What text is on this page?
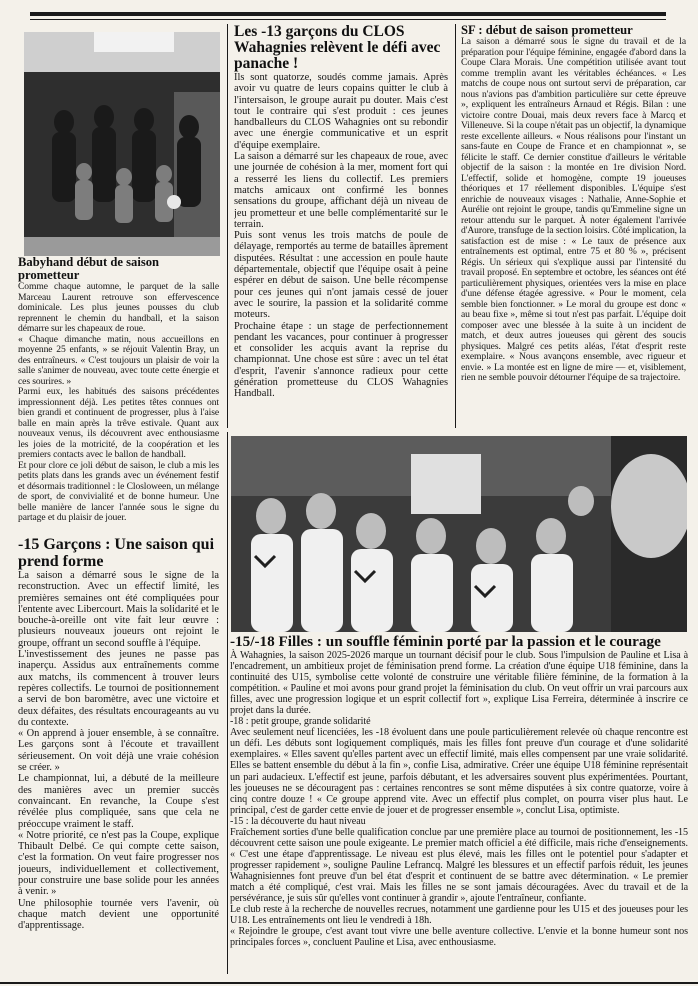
Babyhand début de saison prometteur

Comme chaque automne, le parquet de la salle Marceau Laurent retrouve son effervescence dominicale. Les plus jeunes pousses du club reprennent le chemin du handball, et la saison démarre sur les chapeaux de roue.

« Chaque dimanche matin, nous accueillons en moyenne 25 enfants, » se réjouit Valentin Bray, un des entraîneurs. « C'est toujours un plaisir de voir la salle s'animer de nouveau, avec toute cette énergie et ces sourires. »

Parmi eux, les habitués des saisons précédentes impressionnent déjà. Les petites têtes connues ont bien grandi et continuent de progresser, plus à l'aise balle en main après la trêve estivale. Quant aux nouveaux venus, ils découvrent avec enthousiasme les joies de la motricité, de la coopération et les premiers contacts avec le ballon de handball.

Et pour clore ce joli début de saison, le club a mis les petits plats dans les grands avec un événement festif et désormais traditionnel : le Closloween, un mélange de sport, de convivialité et de bonne humeur. Une belle manière de lancer l'année sous le signe du partage et du plaisir de jouer.

-15 Garçons : Une saison qui prend forme

La saison a démarré sous le signe de la reconstruction. Avec un effectif limité, les premières semaines ont été compliquées pour l'entente avec Libercourt. Mais la solidarité et le bouche-à-oreille ont vite fait leur œuvre : plusieurs nouveaux joueurs ont rejoint le groupe, offrant un second souffle à l'équipe.

L'investissement des jeunes ne passe pas inaperçu. Assidus aux entraînements comme aux matchs, ils commencent à trouver leurs repères collectifs. Le tournoi de positionnement a servi de bon baromètre, avec une victoire et deux défaites, des résultats encourageants au vu du contexte.

« On apprend à jouer ensemble, à se connaître. Les garçons sont à l'écoute et travaillent sérieusement. On voit déjà une vraie cohésion se créer. »

Le championnat, lui, a débuté de la meilleure des manières avec un premier succès convaincant. En revanche, la Coupe s'est révélée plus compliquée, sans que cela ne préoccupe vraiment le staff.

« Notre priorité, ce n'est pas la Coupe, explique Thibault Delbé. Ce qui compte cette saison, c'est la formation. On veut faire progresser nos joueurs, individuellement et collectivement, pour construire une base solide pour les années à venir. »

Une philosophie tournée vers l'avenir, où chaque match devient une opportunité d'apprentissage.

Les -13 garçons du CLOS Wahagnies relèvent le défi avec panache !

Ils sont quatorze, soudés comme jamais. Après avoir vu quatre de leurs copains quitter le club à l'intersaison, le groupe aurait pu douter. Mais c'est tout le contraire qui s'est produit : ces jeunes handballeurs du CLOS Wahagnies ont su rebondir avec une énergie communicative et un esprit d'équipe exemplaire.

La saison a démarré sur les chapeaux de roue, avec une journée de cohésion à la mer, moment fort qui a resserré les liens du collectif. Les premiers matchs amicaux ont confirmé les bonnes sensations du groupe, affichant déjà un niveau de jeu prometteur et une belle complémentarité sur le terrain.

Puis sont venus les trois matchs de poule de délayage, remportés au terme de batailles âprement disputées. Résultat : une accession en poule haute départementale, objectif que l'équipe osait à peine espérer en début de saison. Une belle récompense pour ces jeunes qui n'ont jamais cessé de jouer avec le sourire, la passion et la solidarité comme moteurs.

Prochaine étape : un stage de perfectionnement pendant les vacances, pour continuer à progresser et consolider les acquis avant la reprise du championnat. Une chose est sûre : avec un tel état d'esprit, l'avenir s'annonce radieux pour cette génération prometteuse du CLOS Wahagnies Handball.

SF : début de saison prometteur

La saison a démarré sous le signe du travail et de la préparation pour l'équipe féminine, engagée d'abord dans la Coupe Clara Morais. Une compétition utilisée avant tout comme tremplin avant les véritables échéances. « Les matchs de coupe nous ont surtout servi de préparation, car nous n'avions pas d'ambition particulière sur cette épreuve », expliquent les entraîneurs Arnaud et Régis. Bilan : une victoire contre Douai, mais deux revers face à Marcq et Villeneuve. Si la coupe n'était pas un objectif, la dynamique reste excellente ailleurs. « Nous réalisons pour l'instant un sans-faute en Coupe de France et en championnat », se félicite le staff. Ce dernier constitue d'ailleurs le véritable objectif de la saison : la montée en 1re division Nord. L'effectif, solide et homogène, compte 19 joueuses théoriques et 17 réellement disponibles. L'équipe s'est enrichie de nouveaux visages : Nathalie, Anne-Sophie et Aurélie ont rejoint le groupe, tandis qu'Emmeline signe un retour attendu sur le parquet. À noter également l'arrivée d'Aurore, transfuge de la section loisirs. Côté implication, la satisfaction est de mise : « Le taux de présence aux entraînements est optimal, entre 75 et 80 % », précisent Régis. Un sérieux qui s'explique aussi par l'intensité du travail proposé. En septembre et octobre, les séances ont été particulièrement physiques, orientées vers la mise en place d'une défense étagée agressive. « Pour le moment, cela semble bien fonctionner. » Le moral du groupe est donc « au beau fixe », même si tout n'est pas parfait. L'équipe doit composer avec une blessée à la suite à un incident de match, et deux autres joueuses qui gèrent des soucis physiques. Malgré ces petits aléas, l'état d'esprit reste exemplaire. « Nous avançons ensemble, avec rigueur et envie. » La montée est en ligne de mire — et, visiblement, rien ne semble pouvoir détourner l'équipe de sa trajectoire.

-15/-18 Filles : un souffle féminin porté par la passion et le courage

À Wahagnies, la saison 2025-2026 marque un tournant décisif pour le club. Sous l'impulsion de Pauline et Lisa à l'encadrement, un ambitieux projet de féminisation prend forme. La création d'une équipe U18 féminine, dans la continuité des U15, symbolise cette volonté de construire une véritable filière féminine, de la formation à la compétition. « Pauline et moi avons pour grand projet la féminisation du club. On veut offrir un vrai parcours aux filles, avec une progression logique et un esprit collectif fort », explique Lisa Ferreira, déterminée à inscrire ce projet dans la durée.

-18 : petit groupe, grande solidarité

Avec seulement neuf licenciées, les -18 évoluent dans une poule particulièrement relevée où chaque rencontre est un défi. Les débuts sont logiquement compliqués, mais les filles font preuve d'un courage et d'une solidarité exemplaires. « Elles savent qu'elles partent avec un effectif limité, mais elles compensent par une vraie solidarité. Elles se battent ensemble du début à la fin », confie Lisa, admirative. Créer une équipe U18 féminine représentait un pari audacieux. L'effectif est jeune, parfois débutant, et les adversaires souvent plus expérimentées. Pourtant, les joueuses ne se découragent pas : certaines rencontres se sont même disputées à six contre quatorze, voire à cinq contre douze ! « Ce groupe apprend vite. Avec un effectif plus complet, on pourra viser plus haut. Le principal, c'est de garder cette envie de jouer et de progresser ensemble », conclut Lisa, optimiste.

-15 : la découverte du haut niveau

Fraîchement sorties d'une belle qualification conclue par une première place au tournoi de positionnement, les -15 découvrent cette saison une poule exigeante. Le premier match officiel a été difficile, mais riche d'enseignements. « C'est une étape d'apprentissage. Le niveau est plus élevé, mais les filles ont le potentiel pour s'adapter et progresser rapidement », souligne Pauline Lefrancq. Malgré les blessures et un effectif parfois réduit, les jeunes Wahagnisiennes font preuve d'un bel état d'esprit et continuent de se battre avec détermination. « Le premier match a été compliqué, c'est vrai. Mais les filles ne se sont jamais découragées. Avec du travail et de la persévérance, je suis sûr qu'elles vont continuer à grandir », ajoute l'entraîneur, confiante.

Le club reste à la recherche de nouvelles recrues, notamment une gardienne pour les U15 et des joueuses pour les U18. Les entraînements ont lieu le vendredi à 18h.

« Rejoindre le groupe, c'est avant tout vivre une belle aventure collective. L'envie et la bonne humeur sont nos principales forces », concluent Pauline et Lisa, avec enthousiasme.
